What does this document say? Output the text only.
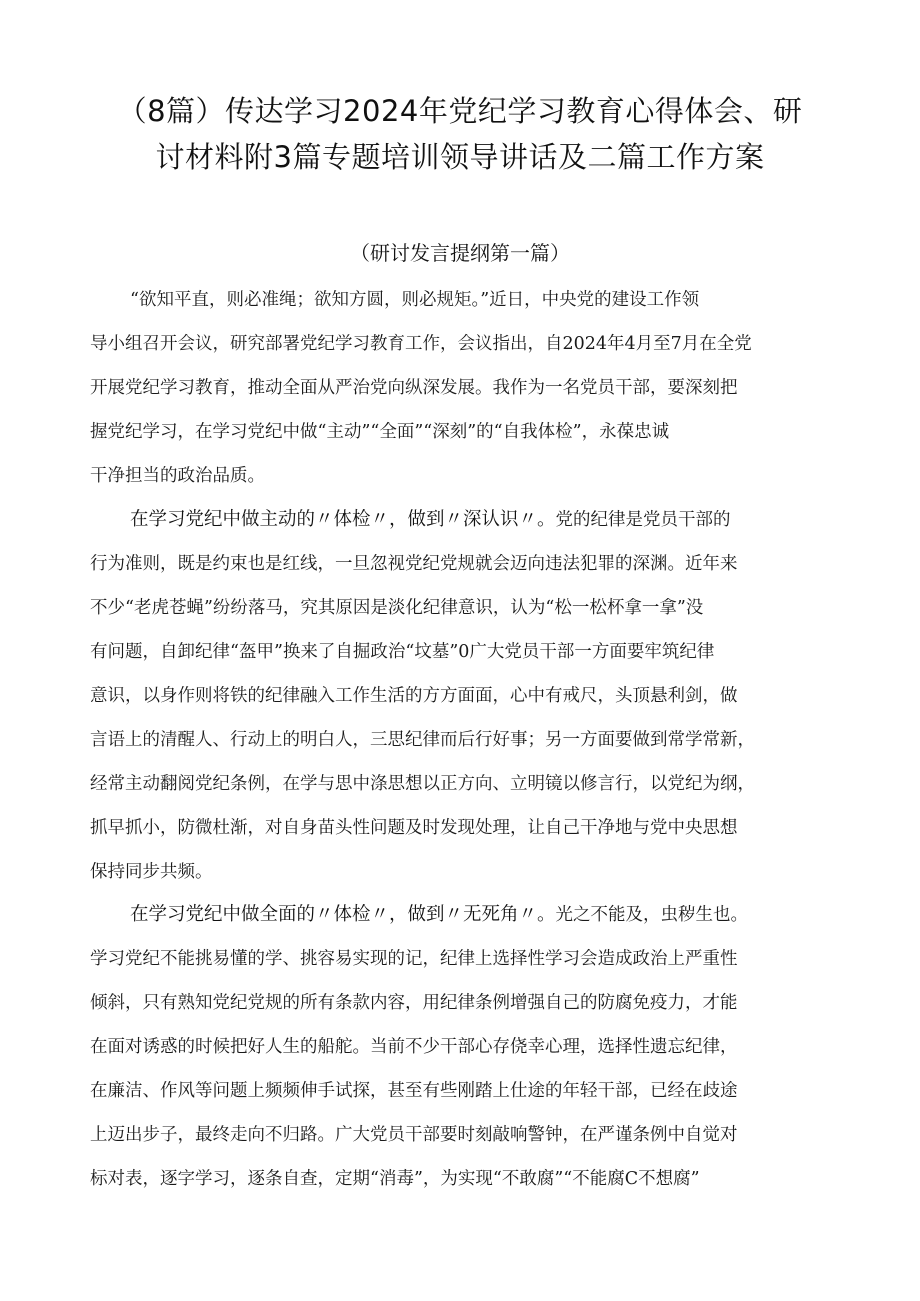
（8篇）传达学习2024年党纪学习教育心得体会、研
讨材料附3篇专题培训领导讲话及二篇工作方案
（研讨发言提纲第一篇）
“欲知平直，则必准绳；欲知方圆，则必规矩。”近日，中央党的建设工作领
导小组召开会议，研究部署党纪学习教育工作，会议指出，自2024年4月至7月在全党
开展党纪学习教育，推动全面从严治党向纵深发展。我作为一名党员干部，要深刻把
握党纪学习，在学习党纪中做“主动”“全面”“深刻”的“自我体检”，永葆忠诚
干净担当的政治品质。
在学习党纪中做主动的〃体检〃，做到〃深认识〃。党的纪律是党员干部的
行为准则，既是约束也是红线，一旦忽视党纪党规就会迈向违法犯罪的深渊。近年来
不少“老虎苍蝇”纷纷落马，究其原因是淡化纪律意识，认为“松一松杯拿一拿”没
有问题，自卸纪律“盔甲”换来了自掘政治“坟墓”0广大党员干部一方面要牢筑纪律
意识，以身作则将铁的纪律融入工作生活的方方面面，心中有戒尺，头顶悬利剑，做
言语上的清醒人、行动上的明白人，三思纪律而后行好事；另一方面要做到常学常新，
经常主动翻阅党纪条例，在学与思中涤思想以正方向、立明镜以修言行，以党纪为纲，
抓早抓小，防微杜渐，对自身苗头性问题及时发现处理，让自己干净地与党中央思想
保持同步共频。
在学习党纪中做全面的〃体检〃，做到〃无死角〃。光之不能及，虫秽生也。
学习党纪不能挑易懂的学、挑容易实现的记，纪律上选择性学习会造成政治上严重性
倾斜，只有熟知党纪党规的所有条款内容，用纪律条例增强自己的防腐免疫力，才能
在面对诱惑的时候把好人生的船舵。当前不少干部心存侥幸心理，选择性遗忘纪律，
在廉洁、作风等问题上频频伸手试探，甚至有些刚踏上仕途的年轻干部，已经在歧途
上迈出步子，最终走向不归路。广大党员干部要时刻敲响警钟，在严谨条例中自觉对
标对表，逐字学习，逐条自查，定期“消毒”，为实现“不敢腐”“不能腐C不想腐”
